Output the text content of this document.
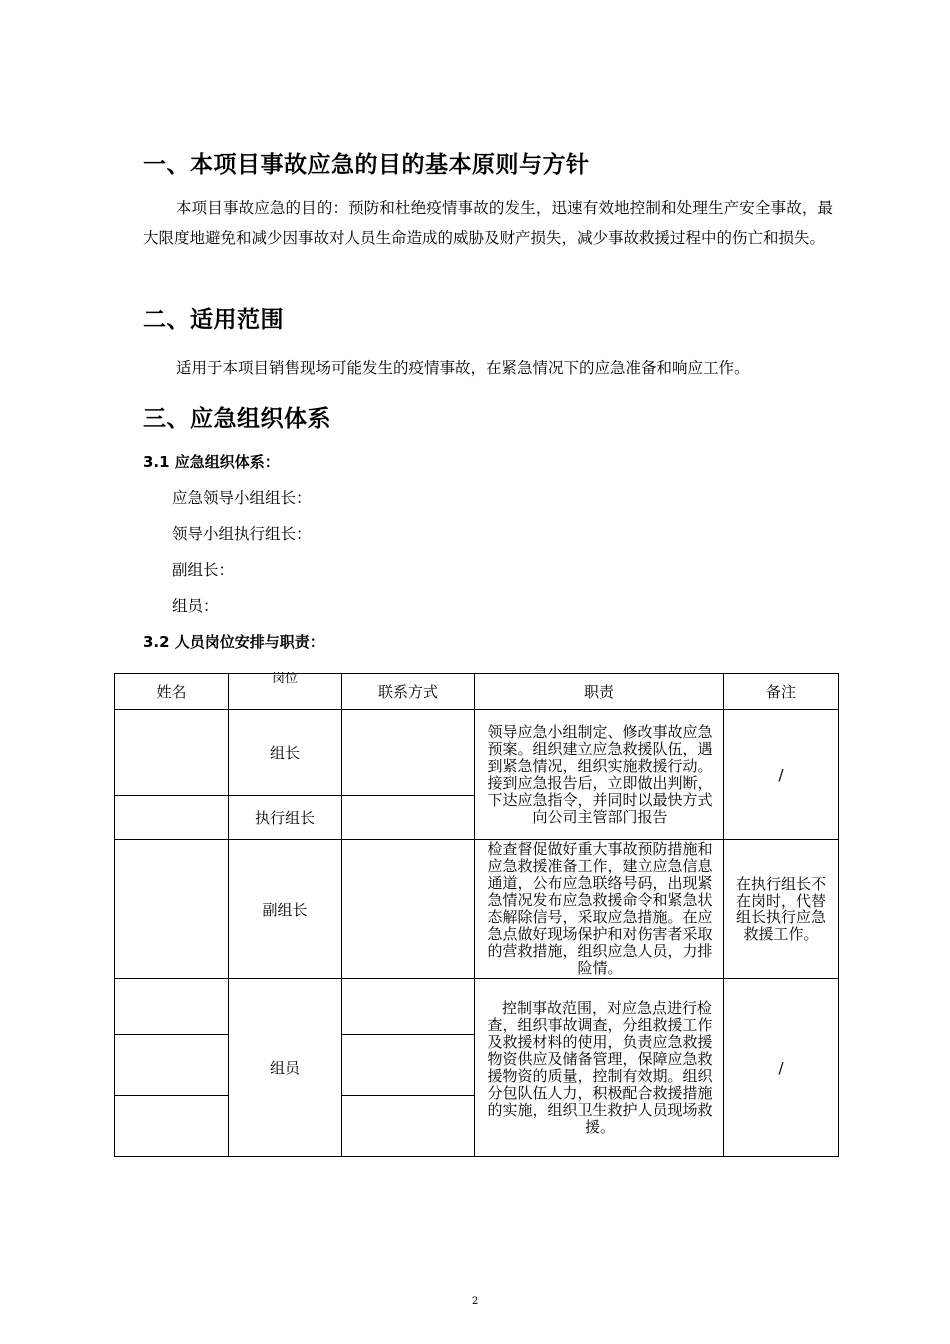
一、本项目事故应急的目的基本原则与方针
本项目事故应急的目的：预防和杜绝疫情事故的发生，迅速有效地控制和处理生产安全事故，最大限度地避免和减少因事故对人员生命造成的威胁及财产损失，减少事故救援过程中的伤亡和损失。
二、适用范围
适用于本项目销售现场可能发生的疫情事故，在紧急情况下的应急准备和响应工作。
三、应急组织体系
3.1 应急组织体系：
应急领导小组组长：
领导小组执行组长：
副组长：
组员：
3.2 人员岗位安排与职责：
姓名	岗位	联系方式	职责	备注
	组长		领导应急小组制定、修改事故应急预案。组织建立应急救援队伍，遇到紧急情况，组织实施救援行动。接到应急报告后，立即做出判断，下达应急指令，并同时以最快方式向公司主管部门报告	/
	执行组长			
	副组长		检查督促做好重大事故预防措施和应急救援准备工作，建立应急信息通道，公布应急联络号码，出现紧急情况发布应急救援命令和紧急状态解除信号，采取应急措施。在应急点做好现场保护和对伤害者采取的营救措施，组织应急人员，力排险情。	在执行组长不在岗时，代替组长执行应急救援工作。
	组员		控制事故范围，对应急点进行检查，组织事故调查，分组救援工作及救援材料的使用，负责应急救援物资供应及储备管理，保障应急救援物资的质量，控制有效期。组织分包队伍人力，积极配合救援措施的实施，组织卫生救护人员现场救援。	/

2
